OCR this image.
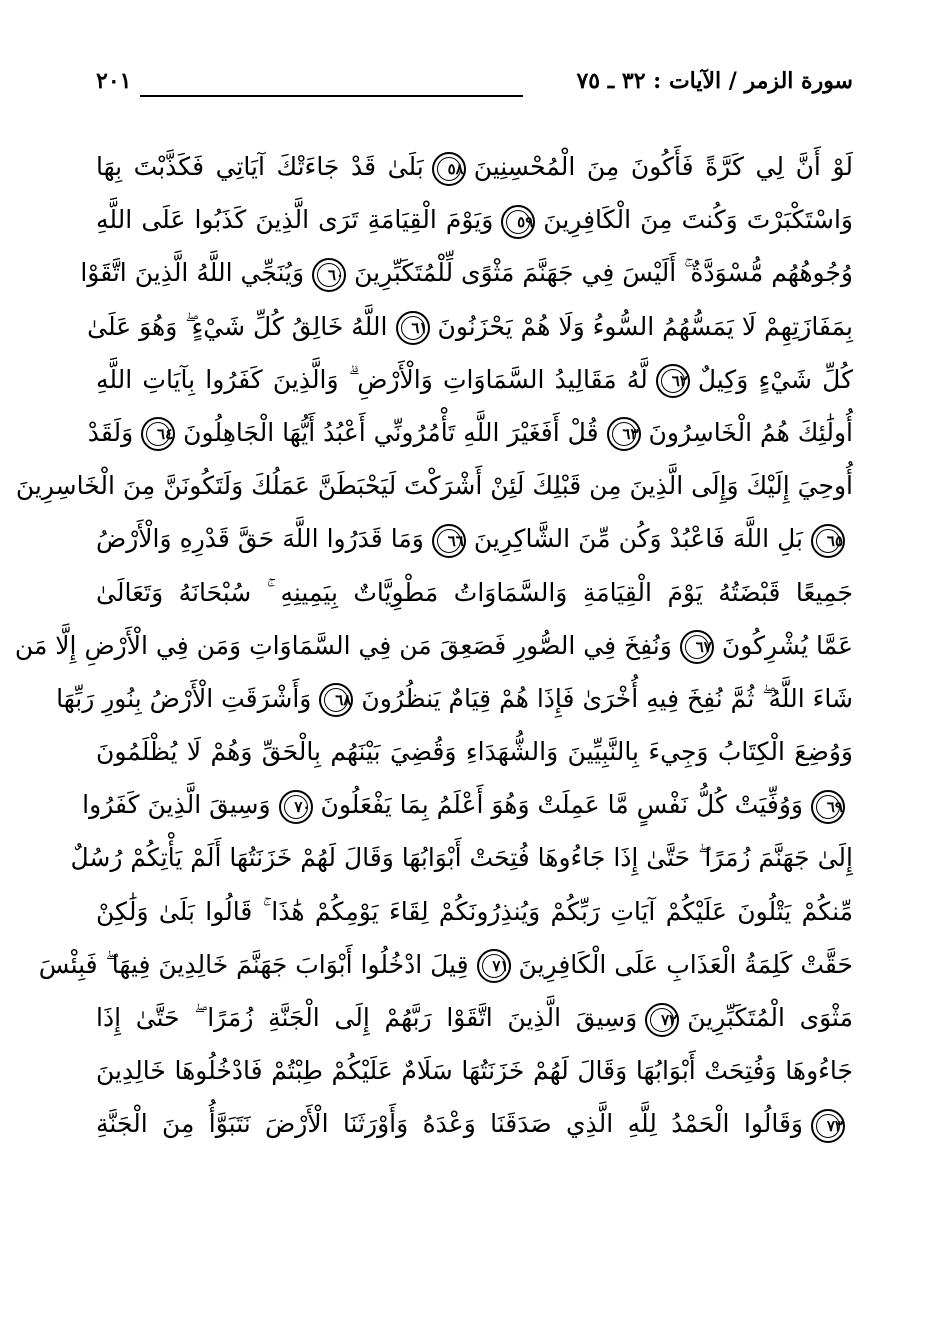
سورة الزمر / الآيات : ٣٢ ـ ٧٥
٢٠١
لَوْ أَنَّ لِي كَرَّةً فَأَكُونَ مِنَ الْمُحْسِنِينَ٥٨بَلَىٰ قَدْ جَاءَتْكَ آيَاتِي فَكَذَّبْتَ بِهَا
وَاسْتَكْبَرْتَ وَكُنتَ مِنَ الْكَافِرِينَ٥٩وَيَوْمَ الْقِيَامَةِ تَرَى الَّذِينَ كَذَبُوا عَلَى اللَّهِ
وُجُوهُهُم مُّسْوَدَّةٌ ۚ أَلَيْسَ فِي جَهَنَّمَ مَثْوًى لِّلْمُتَكَبِّرِينَ٦٠وَيُنَجِّي اللَّهُ الَّذِينَ اتَّقَوْا
بِمَفَازَتِهِمْ لَا يَمَسُّهُمُ السُّوءُ وَلَا هُمْ يَحْزَنُونَ٦١اللَّهُ خَالِقُ كُلِّ شَيْءٍ ۖ وَهُوَ عَلَىٰ
كُلِّ شَيْءٍ وَكِيلٌ٦٢لَّهُ مَقَالِيدُ السَّمَاوَاتِ وَالْأَرْضِ ۗ وَالَّذِينَ كَفَرُوا بِآيَاتِ اللَّهِ
أُولَٰئِكَ هُمُ الْخَاسِرُونَ٦٣قُلْ أَفَغَيْرَ اللَّهِ تَأْمُرُونِّي أَعْبُدُ أَيُّهَا الْجَاهِلُونَ٦٤وَلَقَدْ
أُوحِيَ إِلَيْكَ وَإِلَى الَّذِينَ مِن قَبْلِكَ لَئِنْ أَشْرَكْتَ لَيَحْبَطَنَّ عَمَلُكَ وَلَتَكُونَنَّ مِنَ الْخَاسِرِينَ
٦٥بَلِ اللَّهَ فَاعْبُدْ وَكُن مِّنَ الشَّاكِرِينَ٦٦وَمَا قَدَرُوا اللَّهَ حَقَّ قَدْرِهِ وَالْأَرْضُ
جَمِيعًا قَبْضَتُهُ يَوْمَ الْقِيَامَةِ وَالسَّمَاوَاتُ مَطْوِيَّاتٌ بِيَمِينِهِ ۚ سُبْحَانَهُ وَتَعَالَىٰ
عَمَّا يُشْرِكُونَ٦٧وَنُفِخَ فِي الصُّورِ فَصَعِقَ مَن فِي السَّمَاوَاتِ وَمَن فِي الْأَرْضِ إِلَّا مَن
شَاءَ اللَّهُ ۖ ثُمَّ نُفِخَ فِيهِ أُخْرَىٰ فَإِذَا هُمْ قِيَامٌ يَنظُرُونَ٦٨وَأَشْرَقَتِ الْأَرْضُ بِنُورِ رَبِّهَا
وَوُضِعَ الْكِتَابُ وَجِيءَ بِالنَّبِيِّينَ وَالشُّهَدَاءِ وَقُضِيَ بَيْنَهُم بِالْحَقِّ وَهُمْ لَا يُظْلَمُونَ
٦٩وَوُفِّيَتْ كُلُّ نَفْسٍ مَّا عَمِلَتْ وَهُوَ أَعْلَمُ بِمَا يَفْعَلُونَ٧٠وَسِيقَ الَّذِينَ كَفَرُوا
إِلَىٰ جَهَنَّمَ زُمَرًا ۖ حَتَّىٰ إِذَا جَاءُوهَا فُتِحَتْ أَبْوَابُهَا وَقَالَ لَهُمْ خَزَنَتُهَا أَلَمْ يَأْتِكُمْ رُسُلٌ
مِّنكُمْ يَتْلُونَ عَلَيْكُمْ آيَاتِ رَبِّكُمْ وَيُنذِرُونَكُمْ لِقَاءَ يَوْمِكُمْ هَٰذَا ۚ قَالُوا بَلَىٰ وَلَٰكِنْ
حَقَّتْ كَلِمَةُ الْعَذَابِ عَلَى الْكَافِرِينَ٧١قِيلَ ادْخُلُوا أَبْوَابَ جَهَنَّمَ خَالِدِينَ فِيهَا ۖ فَبِئْسَ
مَثْوَى الْمُتَكَبِّرِينَ٧٢وَسِيقَ الَّذِينَ اتَّقَوْا رَبَّهُمْ إِلَى الْجَنَّةِ زُمَرًا ۖ حَتَّىٰ إِذَا
جَاءُوهَا وَفُتِحَتْ أَبْوَابُهَا وَقَالَ لَهُمْ خَزَنَتُهَا سَلَامٌ عَلَيْكُمْ طِبْتُمْ فَادْخُلُوهَا خَالِدِينَ
٧٣وَقَالُوا الْحَمْدُ لِلَّهِ الَّذِي صَدَقَنَا وَعْدَهُ وَأَوْرَثَنَا الْأَرْضَ نَتَبَوَّأُ مِنَ الْجَنَّةِ
